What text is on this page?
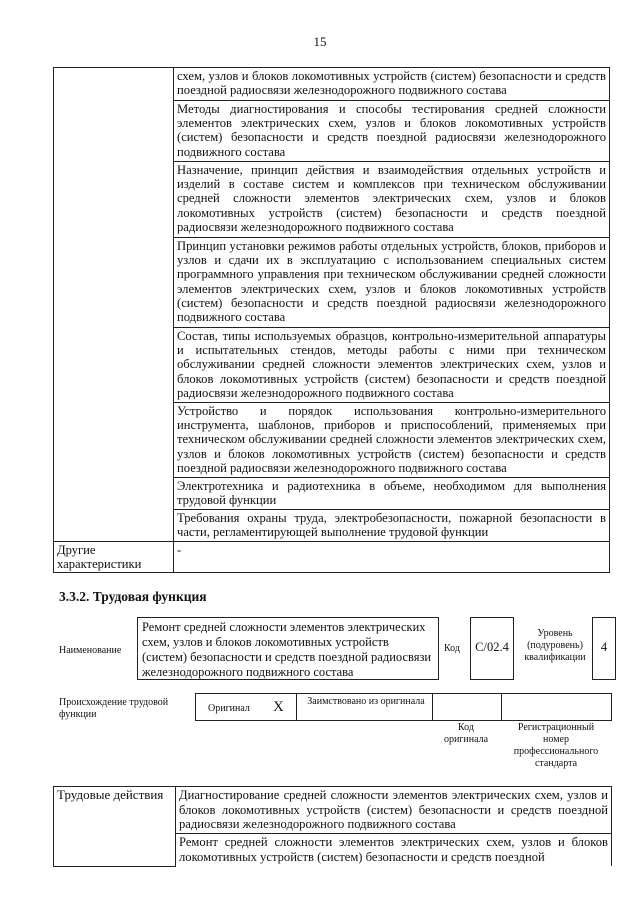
15
	схем, узлов и блоков локомотивных устройств (систем) безопасности и средств поездной радиосвязи железнодорожного подвижного состава
	Методы диагностирования и способы тестирования средней сложности элементов электрических схем, узлов и блоков локомотивных устройств (систем) безопасности и средств поездной радиосвязи железнодорожного подвижного состава
	Назначение, принцип действия и взаимодействия отдельных устройств и изделий в составе систем и комплексов при техническом обслуживании средней сложности элементов электрических схем, узлов и блоков локомотивных устройств (систем) безопасности и средств поездной радиосвязи железнодорожного подвижного состава
	Принцип установки режимов работы отдельных устройств, блоков, приборов и узлов и сдачи их в эксплуатацию с использованием специальных систем программного управления при техническом обслуживании средней сложности элементов электрических схем, узлов и блоков локомотивных устройств (систем) безопасности и средств поездной радиосвязи железнодорожного подвижного состава
	Состав, типы используемых образцов, контрольно-измерительной аппаратуры и испытательных стендов, методы работы с ними при техническом обслуживании средней сложности элементов электрических схем, узлов и блоков локомотивных устройств (систем) безопасности и средств поездной радиосвязи железнодорожного подвижного состава
	Устройство и порядок использования контрольно-измерительного инструмента, шаблонов, приборов и приспособлений, применяемых при техническом обслуживании средней сложности элементов электрических схем, узлов и блоков локомотивных устройств (систем) безопасности и средств поездной радиосвязи железнодорожного подвижного состава
	Электротехника и радиотехника в объеме, необходимом для выполнения трудовой функции
	Требования охраны труда, электробезопасности, пожарной безопасности в части, регламентирующей выполнение трудовой функции
Другие характеристики	-
3.3.2. Трудовая функция
Наименование
Ремонт средней сложности элементов электрических схем, узлов и блоков локомотивных устройств (систем) безопасности и средств поездной радиосвязи железнодорожного подвижного состава
Код	C/02.4
Уровень (подуровень) квалификации
4
Происхождение трудовой функции
Оригинал X Заимствовано из оригинала
Код оригинала
Регистрационный номер профессионального стандарта
Трудовые действия	Диагностирование средней сложности элементов электрических схем, узлов и блоков локомотивных устройств (систем) безопасности и средств поездной радиосвязи железнодорожного подвижного состава
Ремонт средней сложности элементов электрических схем, узлов и блоков локомотивных устройств (систем) безопасности и средств поездной
